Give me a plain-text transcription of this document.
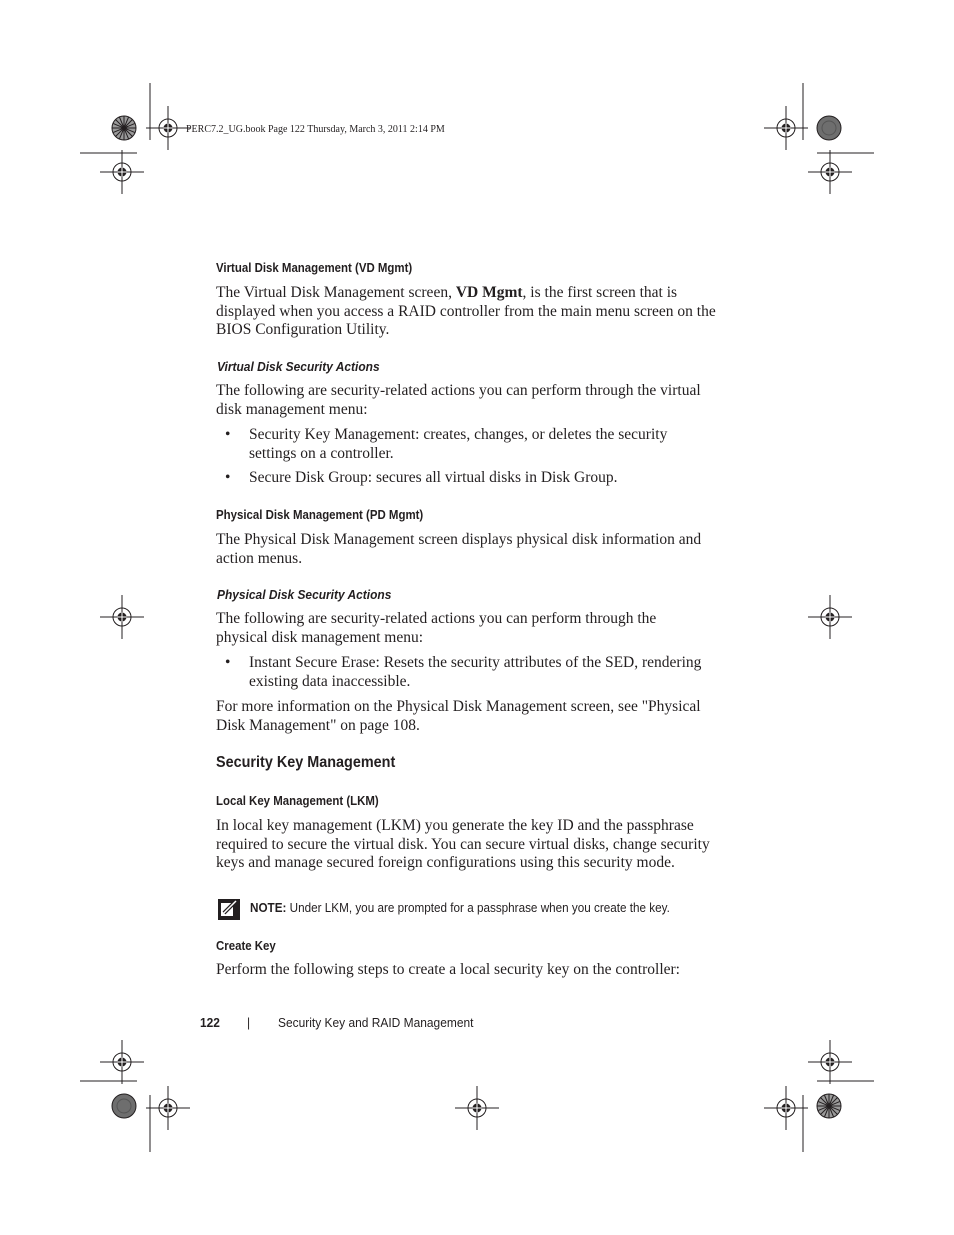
PERC7.2_UG.book Page 122 Thursday, March 3, 2011 2:14 PM
Virtual Disk Management (VD Mgmt)
The Virtual Disk Management screen, VD Mgmt, is the first screen that is displayed when you access a RAID controller from the main menu screen on the BIOS Configuration Utility.
Virtual Disk Security Actions
The following are security-related actions you can perform through the virtual disk management menu:
• Security Key Management: creates, changes, or deletes the security settings on a controller.
• Secure Disk Group: secures all virtual disks in Disk Group.
Physical Disk Management (PD Mgmt)
The Physical Disk Management screen displays physical disk information and action menus.
Physical Disk Security Actions
The following are security-related actions you can perform through the physical disk management menu:
• Instant Secure Erase: Resets the security attributes of the SED, rendering existing data inaccessible.
For more information on the Physical Disk Management screen, see "Physical Disk Management" on page 108.
Security Key Management
Local Key Management (LKM)
In local key management (LKM) you generate the key ID and the passphrase required to secure the virtual disk. You can secure virtual disks, change security keys and manage secured foreign configurations using this security mode.
NOTE: Under LKM, you are prompted for a passphrase when you create the key.
Create Key
Perform the following steps to create a local security key on the controller:
122 | Security Key and RAID Management
